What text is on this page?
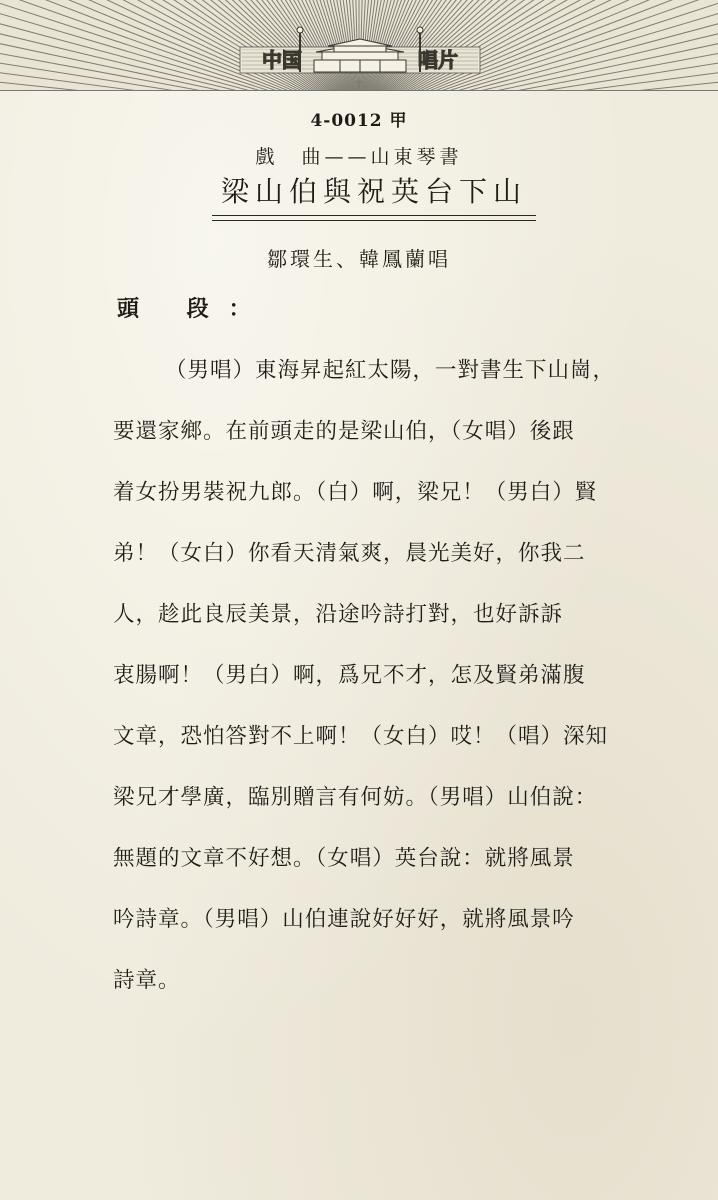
中国	唱片
4-0012 甲
戲　曲——山東琴書
梁山伯與祝英台下山
鄒環生、韓鳳蘭唱
頭 段：
（男唱）東海昇起紅太陽，一對書生下山崗，
要還家鄉。在前頭走的是梁山伯，（女唱）後跟
着女扮男裝祝九郎。（白）啊，梁兄！（男白）賢
弟！（女白）你看天清氣爽，晨光美好，你我二
人，趁此良辰美景，沿途吟詩打對，也好訴訴
衷腸啊！（男白）啊，爲兄不才，怎及賢弟滿腹
文章，恐怕答對不上啊！（女白）哎！（唱）深知
梁兄才學廣，臨別贈言有何妨。（男唱）山伯說：
無題的文章不好想。（女唱）英台說：就將風景
吟詩章。（男唱）山伯連說好好好，就將風景吟
詩章。
